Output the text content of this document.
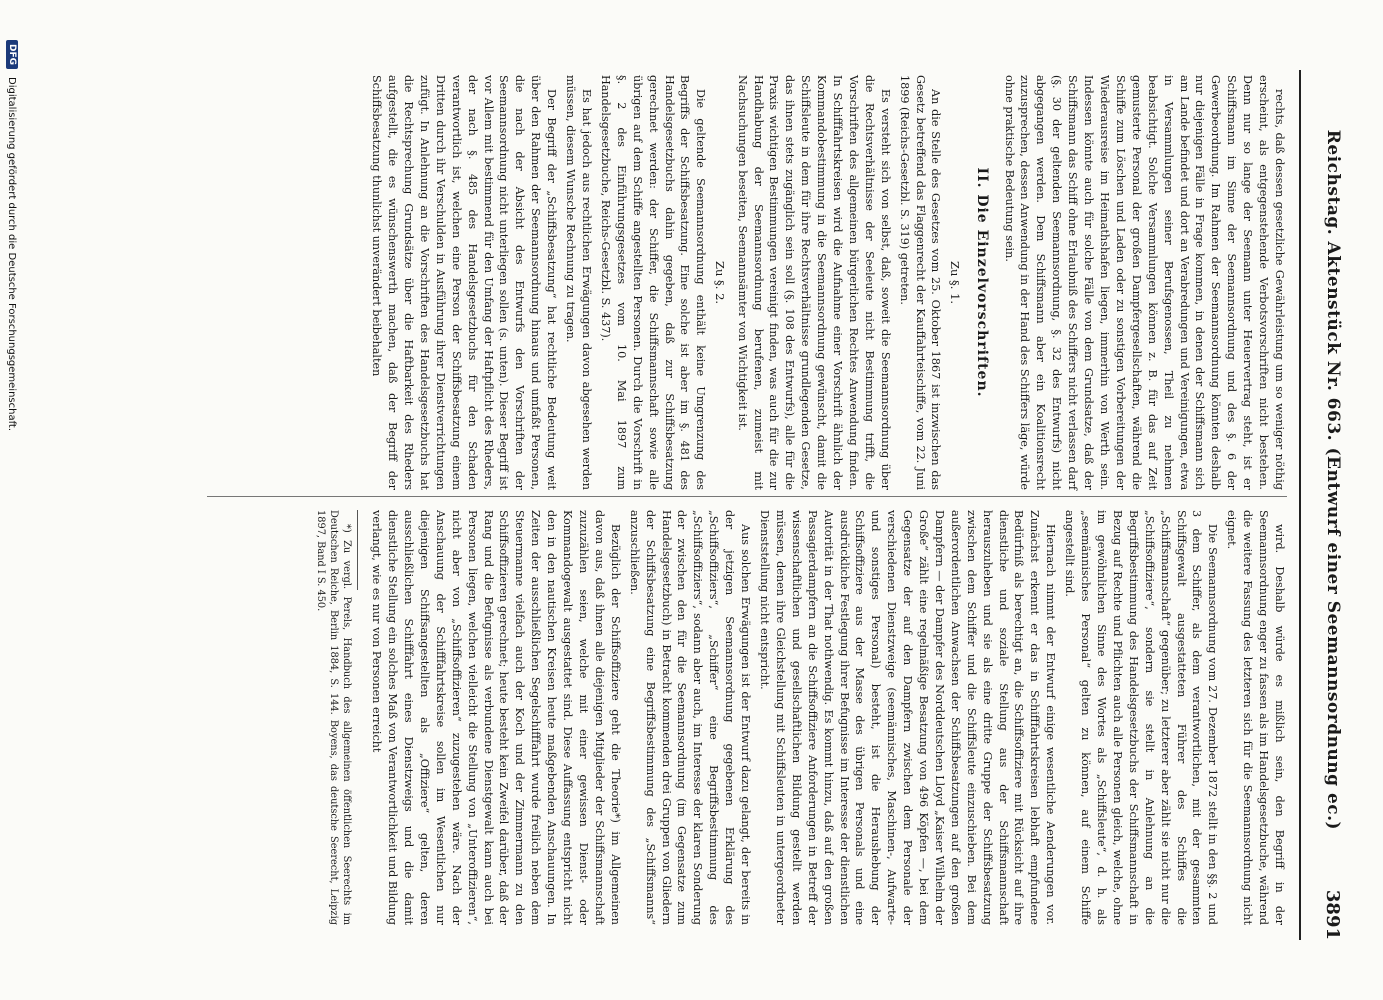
Reichstag. Aktenstück Nr. 663. (Entwurf einer Seemannsordnung ec.)
3891

rechts, daß dessen gesetzliche Gewährleistung um so weniger nöthig erscheint, als entgegenstehende Verbotsvorschriften nicht bestehen. Denn nur so lange der Seemann unter Heuervertrag steht, ist er Schiffsmann im Sinne der Seemannsordnung und des §. 6 der Gewerbeordnung. Im Rahmen der Seemannsordnung könnten deshalb nur diejenigen Fälle in Frage kommen, in denen der Schiffsmann sich am Lande befindet und dort an Verabredungen und Vereinigungen, etwa in Versammlungen seiner Berufsgenossen, Theil zu nehmen beabsichtigt. Solche Versammlungen können z. B. für das auf Zeit gemusterte Personal der großen Dampfergesellschaften, während die Schiffe zum Löschen und Laden oder zu sonstigen Vorbereitungen der Wiederausreise im Heimathshafen liegen, immerhin von Werth sein. Indessen könnte auch für solche Fälle von dem Grundsatze, daß der Schiffsmann das Schiff ohne Erlaubniß des Schiffers nicht verlassen darf (§. 30 der geltenden Seemannsordnung, §. 32 des Entwurfs) nicht abgegangen werden. Dem Schiffsmann aber ein Koalitionsrecht zuzusprechen, dessen Anwendung in der Hand des Schiffers läge, würde ohne praktische Bedeutung sein.

II. Die Einzelvorschriften.
Zu §. 1.

An die Stelle des Gesetzes vom 25. Oktober 1867 ist inzwischen das Gesetz betreffend das Flaggenrecht der Kauffahrteischiffe, vom 22. Juni 1899 (Reichs-Gesetzbl. S. 319) getreten.

Es versteht sich von selbst, daß, soweit die Seemannsordnung über die Rechtsverhältnisse der Seeleute nicht Bestimmung trifft, die Vorschriften des allgemeinen bürgerlichen Rechtes Anwendung finden. In Schifffahrtskreisen wird die Aufnahme einer Vorschrift ähnlich der Kommandobestimmung in die Seemannsordnung gewünscht, damit die Schiffsleute in dem für ihre Rechtsverhältnisse grundlegenden Gesetze, das ihnen stets zugänglich sein soll (§. 108 des Entwurfs), alle für die Praxis wichtigen Bestimmungen vereinigt finden, was auch für die zur Handhabung der Seemannsordnung berufenen, zumeist mit Nachsuchungen beseiten, Seemannsämter von Wichtigkeit ist.

Zu §. 2.

Die geltende Seemannsordnung enthält keine Umgrenzung des Begriffs der Schiffsbesatzung. Eine solche ist aber im §. 481 des Handelsgesetzbuchs dahin gegeben, daß zur Schiffsbesatzung gerechnet werden: der Schiffer, die Schiffsmannschaft sowie alle übrigen auf dem Schiffe angestellten Personen. Durch die Vorschrift in §. 2 des Einführungsgesetzes vom 10. Mai 1897 zum Handelsgesetzbuche, Reichs-Gesetzbl. S. 437).

Es hat jedoch aus rechtlichen Erwägungen davon abgesehen werden müssen, diesem Wunsche Rechnung zu tragen.

Der Begriff der „Schiffsbesatzung“ hat rechtliche Bedeutung weit über den Rahmen der Seemannsordnung hinaus und umfaßt Personen, die nach der Absicht des Entwurfs den Vorschriften der Seemannsordnung nicht unterliegen sollen (s. unten). Dieser Begriff ist vor Allem mit bestimmend für den Umfang der Haftpflicht des Rheders, der nach §. 485 des Handelsgesetzbuchs für den Schaden verantwortlich ist, welchen eine Person der Schiffsbesatzung einem Dritten durch ihr Verschulden in Ausführung ihrer Dienstverrichtungen zufügt. In Anlehnung an die Vorschriften des Handelsgesetzbuchs hat die Rechtsprechung Grundsätze über die Haftbarkeit des Rheders aufgestellt, die es wünschenswerth machen, daß der Begriff der Schiffsbesatzung thunlichst unverändert beibehalten

wird. Deshalb würde es mißlich sein, den Begriff in der Seemannsordnung enger zu fassen als im Handelsgesetzbuche, während die weitere Fassung des letzteren sich für die Seemannsordnung nicht eignet.

Die Seemannsordnung vom 27. Dezember 1872 stellt in den §§. 2 und 3 dem Schiffer, als dem verantwortlichen, mit der gesammten Schiffsgewalt ausgestatteten Führer des Schiffes die „Schiffsmannschaft“ gegenüber; zu letzterer aber zählt sie nicht nur die „Schiffsoffiziere“, sondern sie stellt in Anlehnung an die Begriffsbestimmung des Handelsgesetzbuchs der Schiffsmannschaft in Bezug auf Rechte und Pflichten auch alle Personen gleich, welche, ohne im gewöhnlichen Sinne des Wortes als „Schiffsleute“, d. h. als „seemännisches Personal“ gelten zu können, auf einem Schiffe angestellt sind.

Hiernach nimmt der Entwurf einige wesentliche Aenderungen vor. Zunächst erkennt er das in Schifffahrtskreisen lebhaft empfundene Bedürfniß als berechtigt an, die Schiffsoffiziere mit Rücksicht auf ihre dienstliche und soziale Stellung aus der Schiffsmannschaft herauszuheben und sie als eine dritte Gruppe der Schiffsbesatzung zwischen dem Schiffer und die Schiffsleute einzuschieben. Bei dem außerordentlichen Anwachsen der Schiffsbesatzungen auf den großen Dampfern — der Dampfer des Norddeutschen Lloyd „Kaiser Wilhelm der Große“ zählt eine regelmäßige Besatzung von 496 Köpfen —, bei dem Gegensatze der auf den Dampfern zwischen dem Personale der verschiedenen Dienstzweige (seemännisches, Maschinen-, Aufwarte- und sonstiges Personal) besteht, ist die Heraushebung der Schiffsoffiziere aus der Masse des übrigen Personals und eine ausdrückliche Festlegung ihrer Befugnisse im Interesse der dienstlichen Autorität in der That nothwendig. Es kommt hinzu, daß auf den großen Passagierdampfern an die Schiffsoffiziere Anforderungen in Betreff der wissenschaftlichen und gesellschaftlichen Bildung gestellt werden müssen, denen ihre Gleichstellung mit Schiffsleuten in untergeordneter Dienststellung nicht entspricht.

Aus solchen Erwägungen ist der Entwurf dazu gelangt, der bereits in der jetzigen Seemannsordnung gegebenen Erklärung des „Schiffsoffiziers“, „Schiffer“ eine Begriffsbestimmung des „Schiffsoffiziers“, sodann aber auch, im Interesse der klaren Sonderung der zwischen den für die Seemannsordnung (im Gegensatze zum Handelsgesetzbuch) in Betracht kommenden drei Gruppen von Gliedern der Schiffsbesatzung eine Begriffsbestimmung des „Schiffsmanns“ anzuschließen.

Bezüglich der Schiffsoffiziere geht die Theorie*) im Allgemeinen davon aus, daß ihnen alle diejenigen Mitglieder der Schiffsmannschaft zuzuzählen seien, welche mit einer gewissen Dienst- oder Kommandogewalt ausgestattet sind. Diese Auffassung entspricht nicht den in den nautischen Kreisen heute maßgebenden Anschauungen. In Zeiten der ausschließlichen Segelschifffahrt wurde freilich neben dem Steuermanne vielfach auch der Koch und der Zimmermann zu den Schiffsoffizieren gerechnet; heute besteht kein Zweifel darüber, daß der Rang und die Befugnisse als verbundene Dienstgewalt kann auch bei Personen liegen, welchen vielleicht die Stellung von „Unteroffizieren“, nicht aber von „Schiffsoffizieren“ zuzugestehen wäre. Nach der Anschauung der Schifffahrtskreise sollen im Wesentlichen nur diejenigen Schiffsangestellten als „Offiziere“ gelten, deren ausschließlichen Schifffahrt eines Dienstzweigs und die damit dienstliche Stellung ein solches Maß von Verantwortlichkeit und Bildung verlangt, wie es nur von Personen erreicht

*) Zu vergl. Perels, Handbuch des allgemeinen öffentlichen Seerechts im Deutschen Reiche, Berlin 1884, S. 144. Boyens, das deutsche Seerecht, Leipzig 1897, Band I S. 450.

DFG
Digitalisierung gefördert durch die Deutsche Forschungsgemeinschaft.
